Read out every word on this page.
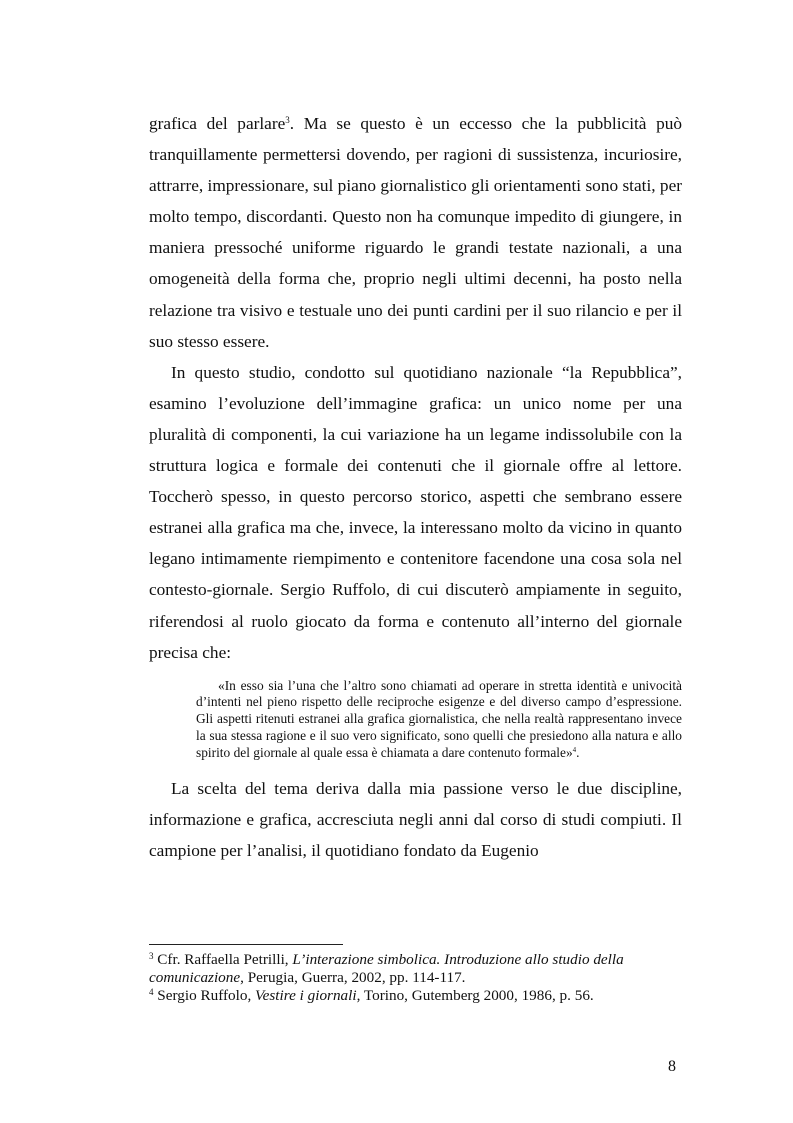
grafica del parlare$^3$. Ma se questo è un eccesso che la pubblicità può tranquillamente permettersi dovendo, per ragioni di sussistenza, incuriosire, attrarre, impressionare, sul piano giornalistico gli orientamenti sono stati, per molto tempo, discordanti. Questo non ha comunque impedito di giungere, in maniera pressoché uniforme riguardo le grandi testate nazionali, a una omogeneità della forma che, proprio negli ultimi decenni, ha posto nella relazione tra visivo e testuale uno dei punti cardini per il suo rilancio e per il suo stesso essere.

In questo studio, condotto sul quotidiano nazionale “la Repubblica”, esamino l’evoluzione dell’immagine grafica: un unico nome per una pluralità di componenti, la cui variazione ha un legame indissolubile con la struttura logica e formale dei contenuti che il giornale offre al lettore. Toccherò spesso, in questo percorso storico, aspetti che sembrano essere estranei alla grafica ma che, invece, la interessano molto da vicino in quanto legano intimamente riempimento e contenitore facendone una cosa sola nel contesto-giornale. Sergio Ruffolo, di cui discuterò ampiamente in seguito, riferendosi al ruolo giocato da forma e contenuto all’interno del giornale precisa che:

«In esso sia l’una che l’altro sono chiamati ad operare in stretta identità e univocità d’intenti nel pieno rispetto delle reciproche esigenze e del diverso campo d’espressione. Gli aspetti ritenuti estranei alla grafica giornalistica, che nella realtà rappresentano invece la sua stessa ragione e il suo vero significato, sono quelli che presiedono alla natura e allo spirito del giornale al quale essa è chiamata a dare contenuto formale»$^4$.

La scelta del tema deriva dalla mia passione verso le due discipline, informazione e grafica, accresciuta negli anni dal corso di studi compiuti. Il campione per l’analisi, il quotidiano fondato da Eugenio

$^3$ Cfr. Raffaella Petrilli, L’interazione simbolica. Introduzione allo studio della comunicazione, Perugia, Guerra, 2002, pp. 114-117.

$^4$ Sergio Ruffolo, Vestire i giornali, Torino, Gutemberg 2000, 1986, p. 56.

8
